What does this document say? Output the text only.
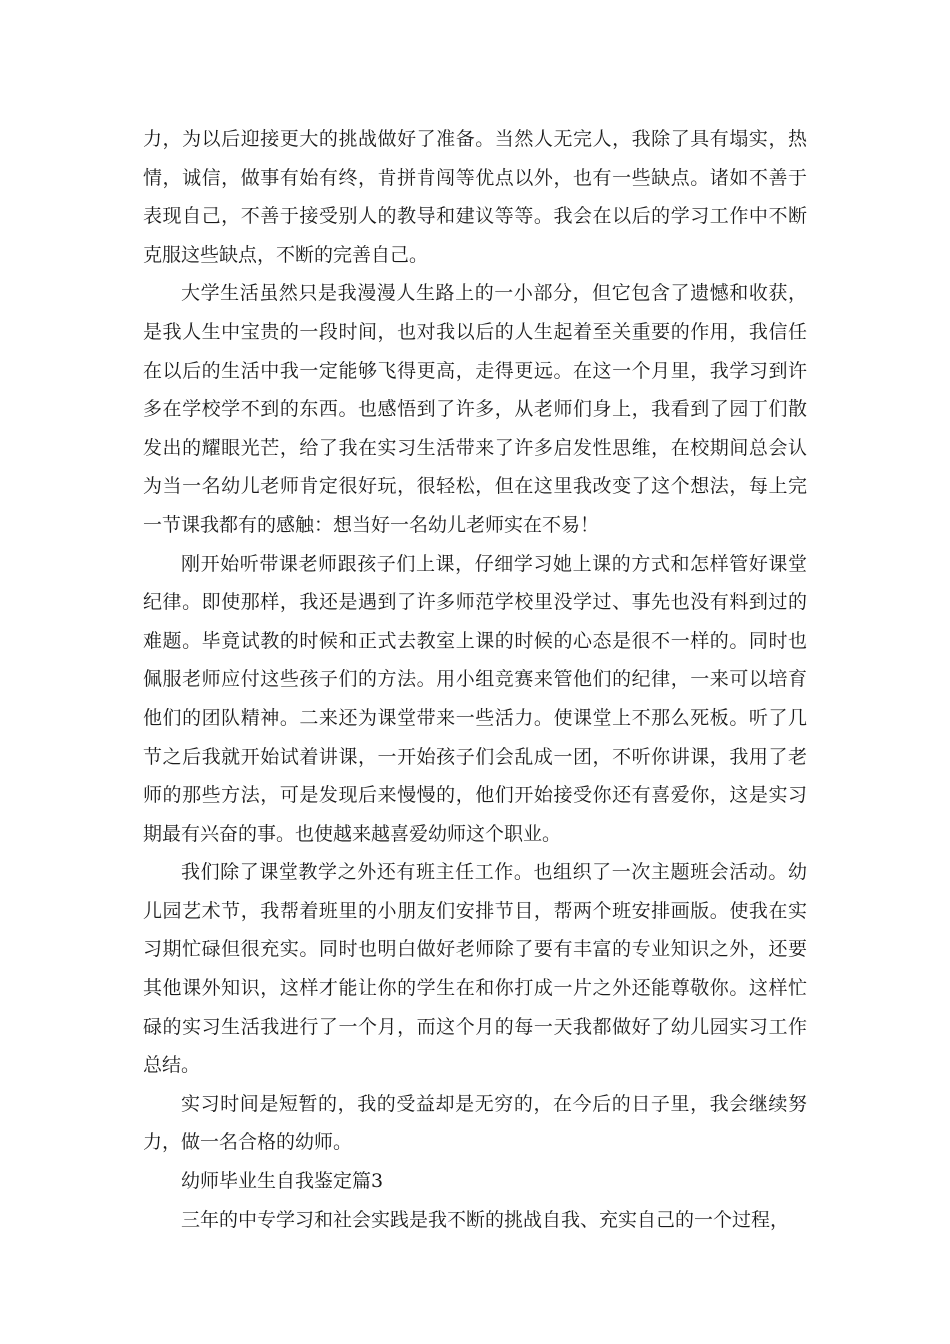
力，为以后迎接更大的挑战做好了准备。当然人无完人，我除了具有塌实，热情，诚信，做事有始有终，肯拼肯闯等优点以外，也有一些缺点。诸如不善于表现自己，不善于接受别人的教导和建议等等。我会在以后的学习工作中不断克服这些缺点，不断的完善自己。

大学生活虽然只是我漫漫人生路上的一小部分，但它包含了遗憾和收获，是我人生中宝贵的一段时间，也对我以后的人生起着至关重要的作用，我信任在以后的生活中我一定能够飞得更高，走得更远。在这一个月里，我学习到许多在学校学不到的东西。也感悟到了许多，从老师们身上，我看到了园丁们散发出的耀眼光芒，给了我在实习生活带来了许多启发性思维，在校期间总会认为当一名幼儿老师肯定很好玩，很轻松，但在这里我改变了这个想法，每上完一节课我都有的感触：想当好一名幼儿老师实在不易！

刚开始听带课老师跟孩子们上课，仔细学习她上课的方式和怎样管好课堂纪律。即使那样，我还是遇到了许多师范学校里没学过、事先也没有料到过的难题。毕竟试教的时候和正式去教室上课的时候的心态是很不一样的。同时也佩服老师应付这些孩子们的方法。用小组竞赛来管他们的纪律，一来可以培育他们的团队精神。二来还为课堂带来一些活力。使课堂上不那么死板。听了几节之后我就开始试着讲课，一开始孩子们会乱成一团，不听你讲课，我用了老师的那些方法，可是发现后来慢慢的，他们开始接受你还有喜爱你，这是实习期最有兴奋的事。也使越来越喜爱幼师这个职业。

我们除了课堂教学之外还有班主任工作。也组织了一次主题班会活动。幼儿园艺术节，我帮着班里的小朋友们安排节目，帮两个班安排画版。使我在实习期忙碌但很充实。同时也明白做好老师除了要有丰富的专业知识之外，还要其他课外知识，这样才能让你的学生在和你打成一片之外还能尊敬你。这样忙碌的实习生活我进行了一个月，而这个月的每一天我都做好了幼儿园实习工作总结。

实习时间是短暂的，我的受益却是无穷的，在今后的日子里，我会继续努力，做一名合格的幼师。

幼师毕业生自我鉴定篇3

三年的中专学习和社会实践是我不断的挑战自我、充实自己的一个过程，
